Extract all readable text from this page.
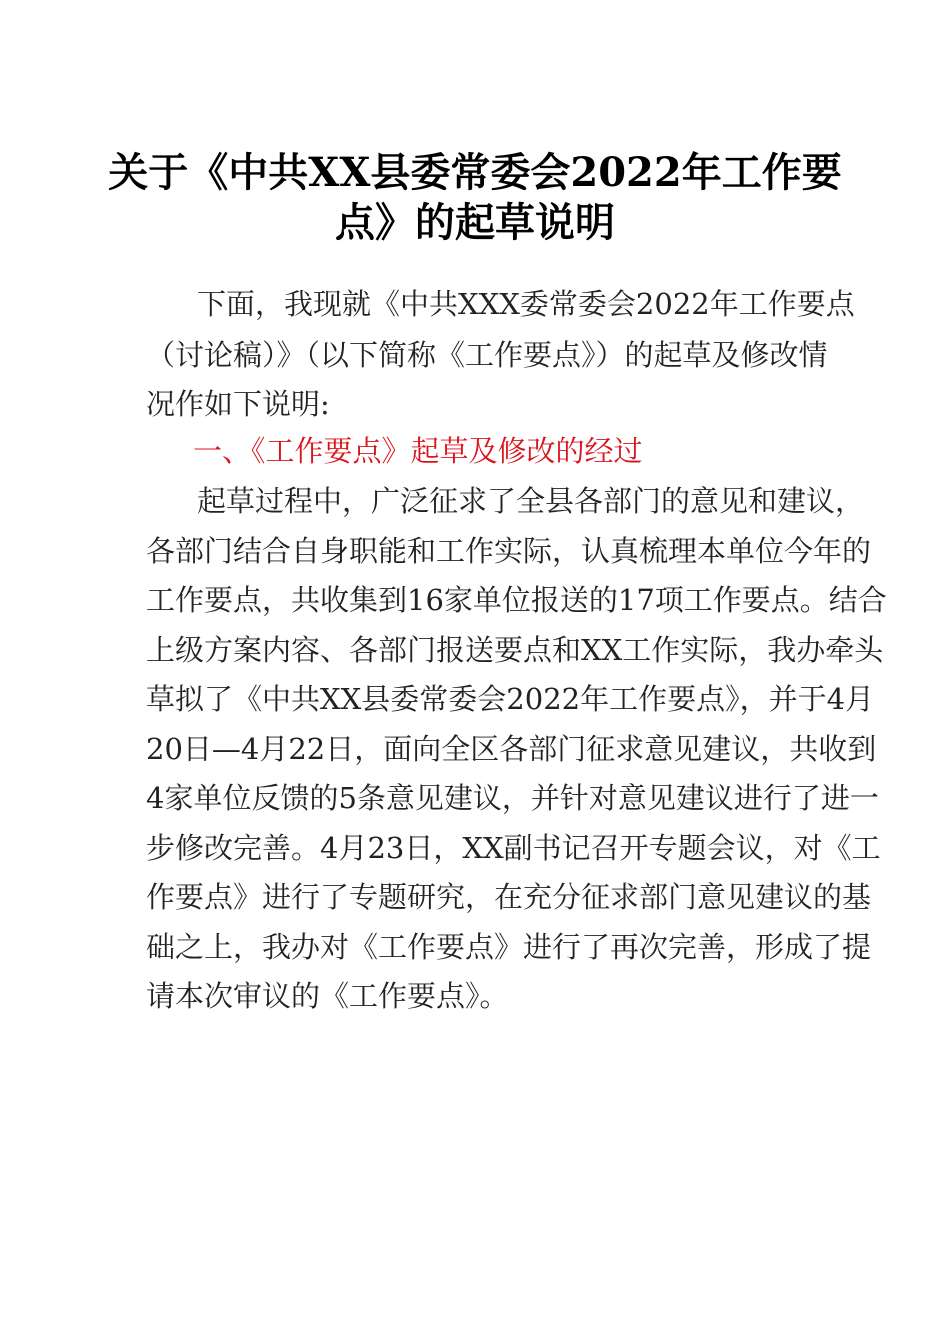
关于《中共XX县委常委会2022年工作要
点》的起草说明
下面，我现就《中共XXX委常委会2022年工作要点
（讨论稿）》（以下简称《工作要点》）的起草及修改情
况作如下说明:
一、《工作要点》起草及修改的经过
起草过程中，广泛征求了全县各部门的意见和建议，
各部门结合自身职能和工作实际，认真梳理本单位今年的
工作要点，共收集到16家单位报送的17项工作要点。结合
上级方案内容、各部门报送要点和XX工作实际，我办牵头
草拟了《中共XX县委常委会2022年工作要点》，并于4月
20日—4月22日，面向全区各部门征求意见建议，共收到
4家单位反馈的5条意见建议，并针对意见建议进行了进一
步修改完善。4月23日，XX副书记召开专题会议，对《工
作要点》进行了专题研究，在充分征求部门意见建议的基
础之上，我办对《工作要点》进行了再次完善，形成了提
请本次审议的《工作要点》。
